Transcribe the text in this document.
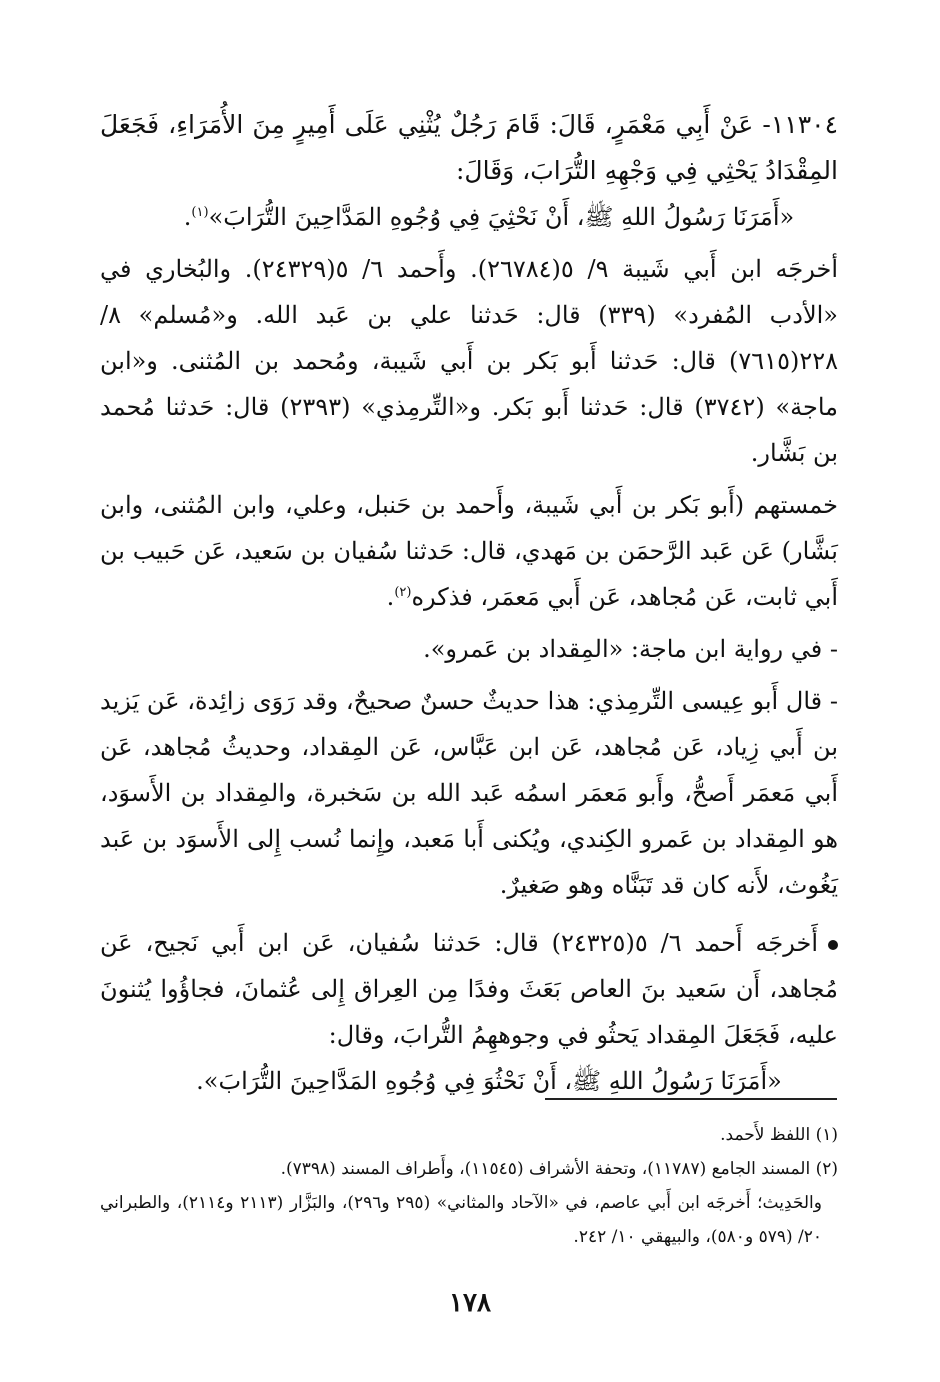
١١٣٠٤- عَنْ أَبِي مَعْمَرٍ، قَالَ: قَامَ رَجُلٌ يُثْنِي عَلَى أَمِيرٍ مِنَ الأُمَرَاءِ، فَجَعَلَ المِقْدَادُ يَحْثِي فِي وَجْهِهِ التُّرَابَ، وَقَالَ:

«أَمَرَنَا رَسُولُ اللهِ ﷺ، أَنْ نَحْثِيَ فِي وُجُوهِ المَدَّاحِينَ التُّرَابَ»$^{(١)}$.

أخرجَه ابن أَبي شَيبة ٩/ ٥(٢٦٧٨٤). وأَحمد ٦/ ٥(٢٤٣٢٩). والبُخاري في «الأدب المُفرد» (٣٣٩) قال: حَدثنا علي بن عَبد الله. و«مُسلم» ٨/ ٢٢٨(٧٦١٥) قال: حَدثنا أَبو بَكر بن أَبي شَيبة، ومُحمد بن المُثنى. و«ابن ماجة» (٣٧٤٢) قال: حَدثنا أَبو بَكر. و«التِّرمِذي» (٢٣٩٣) قال: حَدثنا مُحمد بن بَشَّار.

خمستهم (أَبو بَكر بن أَبي شَيبة، وأَحمد بن حَنبل، وعلي، وابن المُثنى، وابن بَشَّار) عَن عَبد الرَّحمَن بن مَهدي، قال: حَدثنا سُفيان بن سَعيد، عَن حَبيب بن أَبي ثابت، عَن مُجاهد، عَن أَبي مَعمَر، فذكره$^{(٢)}$.

- في رواية ابن ماجة: «المِقداد بن عَمرو».

- قال أَبو عِيسى التِّرمِذي: هذا حديثٌ حسنٌ صحيحٌ، وقد رَوَى زائِدة، عَن يَزيد بن أَبي زِياد، عَن مُجاهد، عَن ابن عَبَّاس، عَن المِقداد، وحديثُ مُجاهد، عَن أَبي مَعمَر أَصحُّ، وأَبو مَعمَر اسمُه عَبد الله بن سَخبرة، والمِقداد بن الأَسوَد، هو المِقداد بن عَمرو الكِندي، ويُكنى أَبا مَعبد، وإِنما نُسب إِلى الأَسوَد بن عَبد يَغُوث، لأَنه كان قد تَبَنَّاه وهو صَغيرٌ.

أَخرجَه أَحمد ٦/ ٥(٢٤٣٢٥) قال: حَدثنا سُفيان، عَن ابن أَبي نَجيح، عَن مُجاهد، أَن سَعيد بنَ العاص بَعَثَ وفدًا مِن العِراق إِلى عُثمانَ، فجاؤُوا يُثنونَ عليه، فَجَعَلَ المِقداد يَحثُو في وجوههِمُ التُّرابَ، وقال:

«أَمَرَنَا رَسُولُ اللهِ ﷺ، أَنْ نَحْثُوَ فِي وُجُوهِ المَدَّاحِينَ التُّرَابَ».

(١) اللفظ لأَحمد.

(٢) المسند الجامع (١١٧٨٧)، وتحفة الأشراف (١١٥٤٥)، وأَطراف المسند (٧٣٩٨).

والحَدِيث؛ أَخرجَه ابن أَبي عاصم، في «الآحاد والمثاني» (٢٩٥ و٢٩٦)، والبَزَّار (٢١١٣ و٢١١٤)، والطبراني ٢٠/ (٥٧٩ و٥٨٠)، والبيهقي ١٠/ ٢٤٢.

١٧٨
